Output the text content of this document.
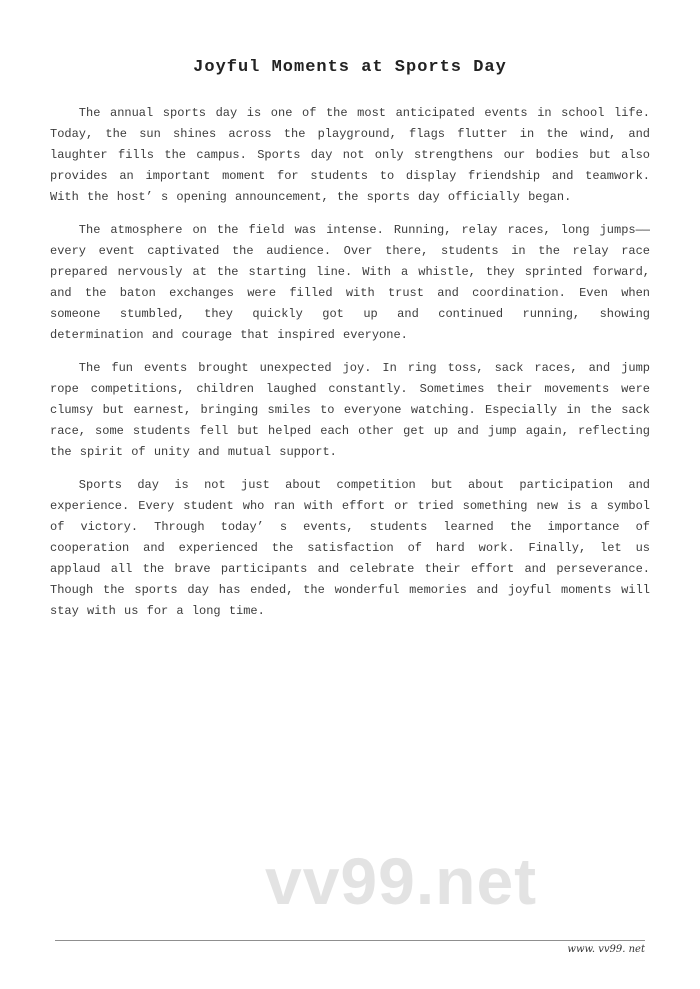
Joyful Moments at Sports Day

The annual sports day is one of the most anticipated events in school life. Today, the sun shines across the playground, flags flutter in the wind, and laughter fills the campus. Sports day not only strengthens our bodies but also provides an important moment for students to display friendship and teamwork. With the host’ s opening announcement, the sports day officially began.

The atmosphere on the field was intense. Running, relay races, long jumps——every event captivated the audience. Over there, students in the relay race prepared nervously at the starting line. With a whistle, they sprinted forward, and the baton exchanges were filled with trust and coordination. Even when someone stumbled, they quickly got up and continued running, showing determination and courage that inspired everyone.

The fun events brought unexpected joy. In ring toss, sack races, and jump rope competitions, children laughed constantly. Sometimes their movements were clumsy but earnest, bringing smiles to everyone watching. Especially in the sack race, some students fell but helped each other get up and jump again, reflecting the spirit of unity and mutual support.

Sports day is not just about competition but about participation and experience. Every student who ran with effort or tried something new is a symbol of victory. Through today’ s events, students learned the importance of cooperation and experienced the satisfaction of hard work. Finally, let us applaud all the brave participants and celebrate their effort and perseverance. Though the sports day has ended, the wonderful memories and joyful moments will stay with us for a long time.

vv99.net
www. vv99. net
